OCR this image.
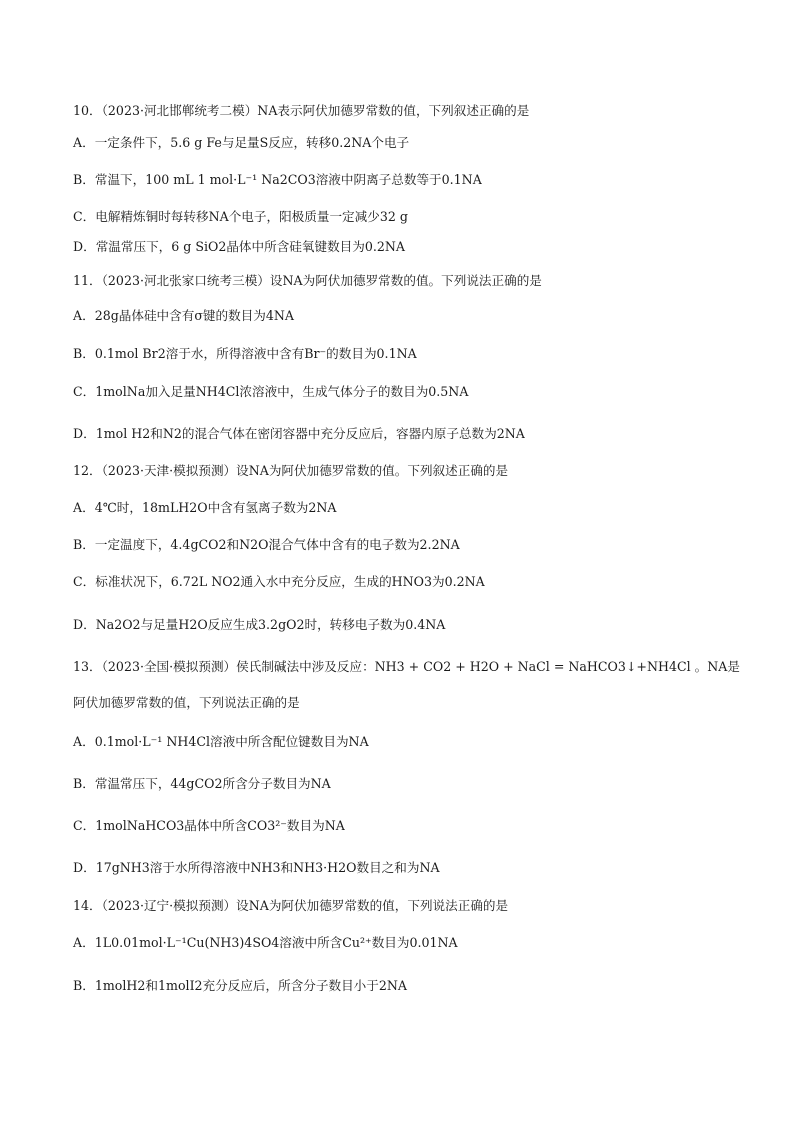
10．（2023·河北邯郸统考二模）NA表示阿伏加德罗常数的值，下列叙述正确的是
A．一定条件下，5.6 g Fe与足量S反应，转移0.2NA个电子
B．常温下，100 mL 1 mol·L⁻¹ Na2CO3溶液中阴离子总数等于0.1NA
C．电解精炼铜时每转移NA个电子，阳极质量一定减少32 g
D．常温常压下，6 g SiO2晶体中所含硅氧键数目为0.2NA
11．（2023·河北张家口统考三模）设NA为阿伏加德罗常数的值。下列说法正确的是
A．28g晶体硅中含有σ键的数目为4NA
B．0.1mol Br2溶于水，所得溶液中含有Br⁻的数目为0.1NA
C．1molNa加入足量NH4Cl浓溶液中，生成气体分子的数目为0.5NA
D．1mol H2和N2的混合气体在密闭容器中充分反应后，容器内原子总数为2NA
12．（2023·天津·模拟预测）设NA为阿伏加德罗常数的值。下列叙述正确的是
A．4℃时，18mLH2O中含有氢离子数为2NA
B．一定温度下，4.4gCO2和N2O混合气体中含有的电子数为2.2NA
C．标准状况下，6.72L NO2通入水中充分反应，生成的HNO3为0.2NA
D．Na2O2与足量H2O反应生成3.2gO2时，转移电子数为0.4NA
13．（2023·全国·模拟预测）侯氏制碱法中涉及反应：NH3 + CO2 + H2O + NaCl = NaHCO3↓+NH4Cl 。NA是
阿伏加德罗常数的值，下列说法正确的是
A．0.1mol·L⁻¹ NH4Cl溶液中所含配位键数目为NA
B．常温常压下，44gCO2所含分子数目为NA
C．1molNaHCO3晶体中所含CO3²⁻数目为NA
D．17gNH3溶于水所得溶液中NH3和NH3·H2O数目之和为NA
14．（2023·辽宁·模拟预测）设NA为阿伏加德罗常数的值，下列说法正确的是
A．1L0.01mol·L⁻¹Cu(NH3)4SO4溶液中所含Cu²⁺数目为0.01NA
B．1molH2和1molI2充分反应后，所含分子数目小于2NA
